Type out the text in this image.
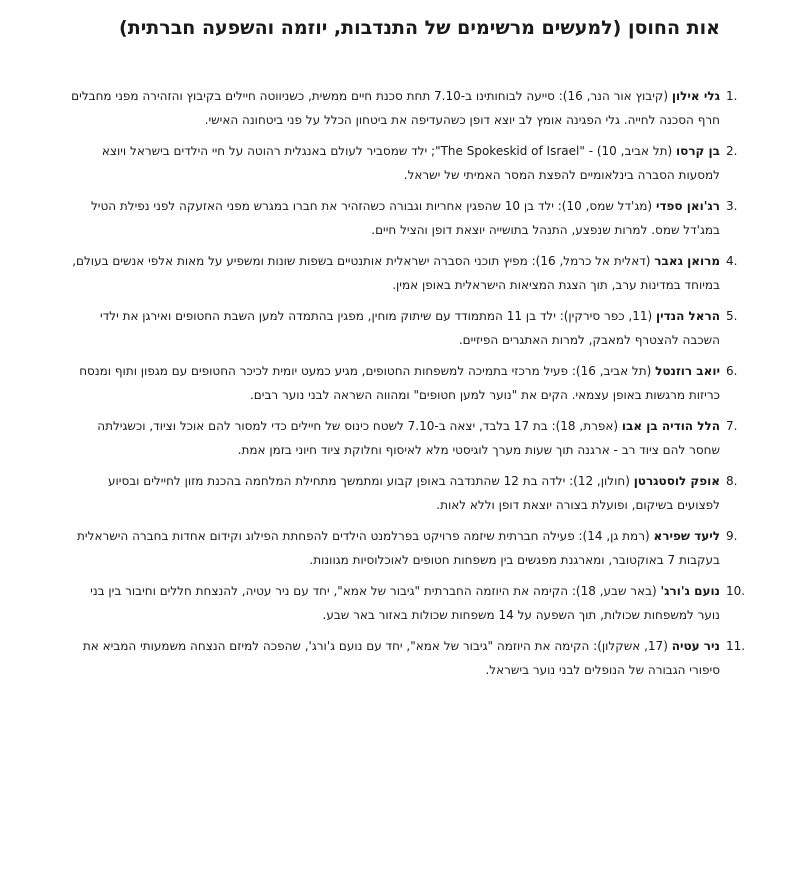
אות החוסן (למעשים מרשימים של התנדבות, יוזמה והשפעה חברתית)
1.
גלי אילון (קיבוץ אור הנר, 16): סייעה לבוחותינו ב-7.10 תחת סכנת חיים ממשית, כשניווטה חיילים בקיבוץ והזהירה מפני מחבלים חרף הסכנה לחייה. גלי הפגינה אומץ לב יוצא דופן כשהעדיפה את ביטחון הכלל על פני ביטחונה האישי.
2.
בן קרסו (תל אביב, 10) - "The Spokeskid of Israel"; ילד שמסביר לעולם באנגלית רהוטה על חיי הילדים בישראל ויוצא למסעות הסברה בינלאומיים להפצת המסר האמיתי של ישראל.
3.
רג'ואן ספדי (מג'דל שמס, 10): ילד בן 10 שהפגין אחריות וגבורה כשהזהיר את חברו במגרש מפני האזעקה לפני נפילת הטיל במג'דל שמס. למרות שנפצע, התנהל בתושייה יוצאת דופן והציל חיים.
4.
מרואן גאבר (דאלית אל כרמל, 16): מפיץ תוכני הסברה ישראלית אותנטיים בשפות שונות ומשפיע על מאות אלפי אנשים בעולם, במיוחד במדינות ערב, תוך הצגת המציאות הישראלית באופן אמין.
5.
הראל הנדין (11, כפר סירקין): ילד בן 11 המתמודד עם שיתוק מוחין, מפגין בהתמדה למען השבת החטופים ואירגן את ילדי השכבה להצטרף למאבק, למרות האתגרים הפיזיים.
6.
יואב רוזנטל (תל אביב, 16): פעיל מרכזי בתמיכה למשפחות החטופים, מגיע כמעט יומית לכיכר החטופים עם מגפון ותוף ומנסח כריזות מרגשות באופן עצמאי. הקים את "נוער למען חטופים" ומהווה השראה לבני נוער רבים.
7.
הלל הודיה בן אבו (אפרת, 18): בת 17 בלבד, יצאה ב-7.10 לשטח כינוס של חיילים כדי למסור להם אוכל וציוד, וכשגילתה שחסר להם ציוד רב - ארגנה תוך שעות מערך לוגיסטי מלא לאיסוף וחלוקת ציוד חיוני בזמן אמת.
8.
אופק לוסטגרטן (חולון, 12): ילדה בת 12 שהתנדבה באופן קבוע ומתמשך מתחילת המלחמה בהכנת מזון לחיילים ובסיוע לפצועים בשיקום, ופועלת בצורה יוצאת דופן וללא לאות.
9.
ליעד שפירא (רמת גן, 14): פעילה חברתית שיזמה פרויקט בפרלמנט הילדים להפחתת הפילוג וקידום אחדות בחברה הישראלית בעקבות 7 באוקטובר, ומארגנת מפגשים בין משפחות חטופים לאוכלוסיות מגוונות.
10.
נועם ג'ורג' (באר שבע, 18): הקימה את היוזמה החברתית "גיבור של אמא", יחד עם ניר עטיה, להנצחת חללים וחיבור בין בני נוער למשפחות שכולות, תוך השפעה על 14 משפחות שכולות באזור באר שבע.
11.
ניר עטיה (17, אשקלון): הקימה את היוזמה "גיבור של אמא", יחד עם נועם ג'ורג', שהפכה למיזם הנצחה משמעותי המביא את סיפורי הגבורה של הנופלים לבני נוער בישראל.
